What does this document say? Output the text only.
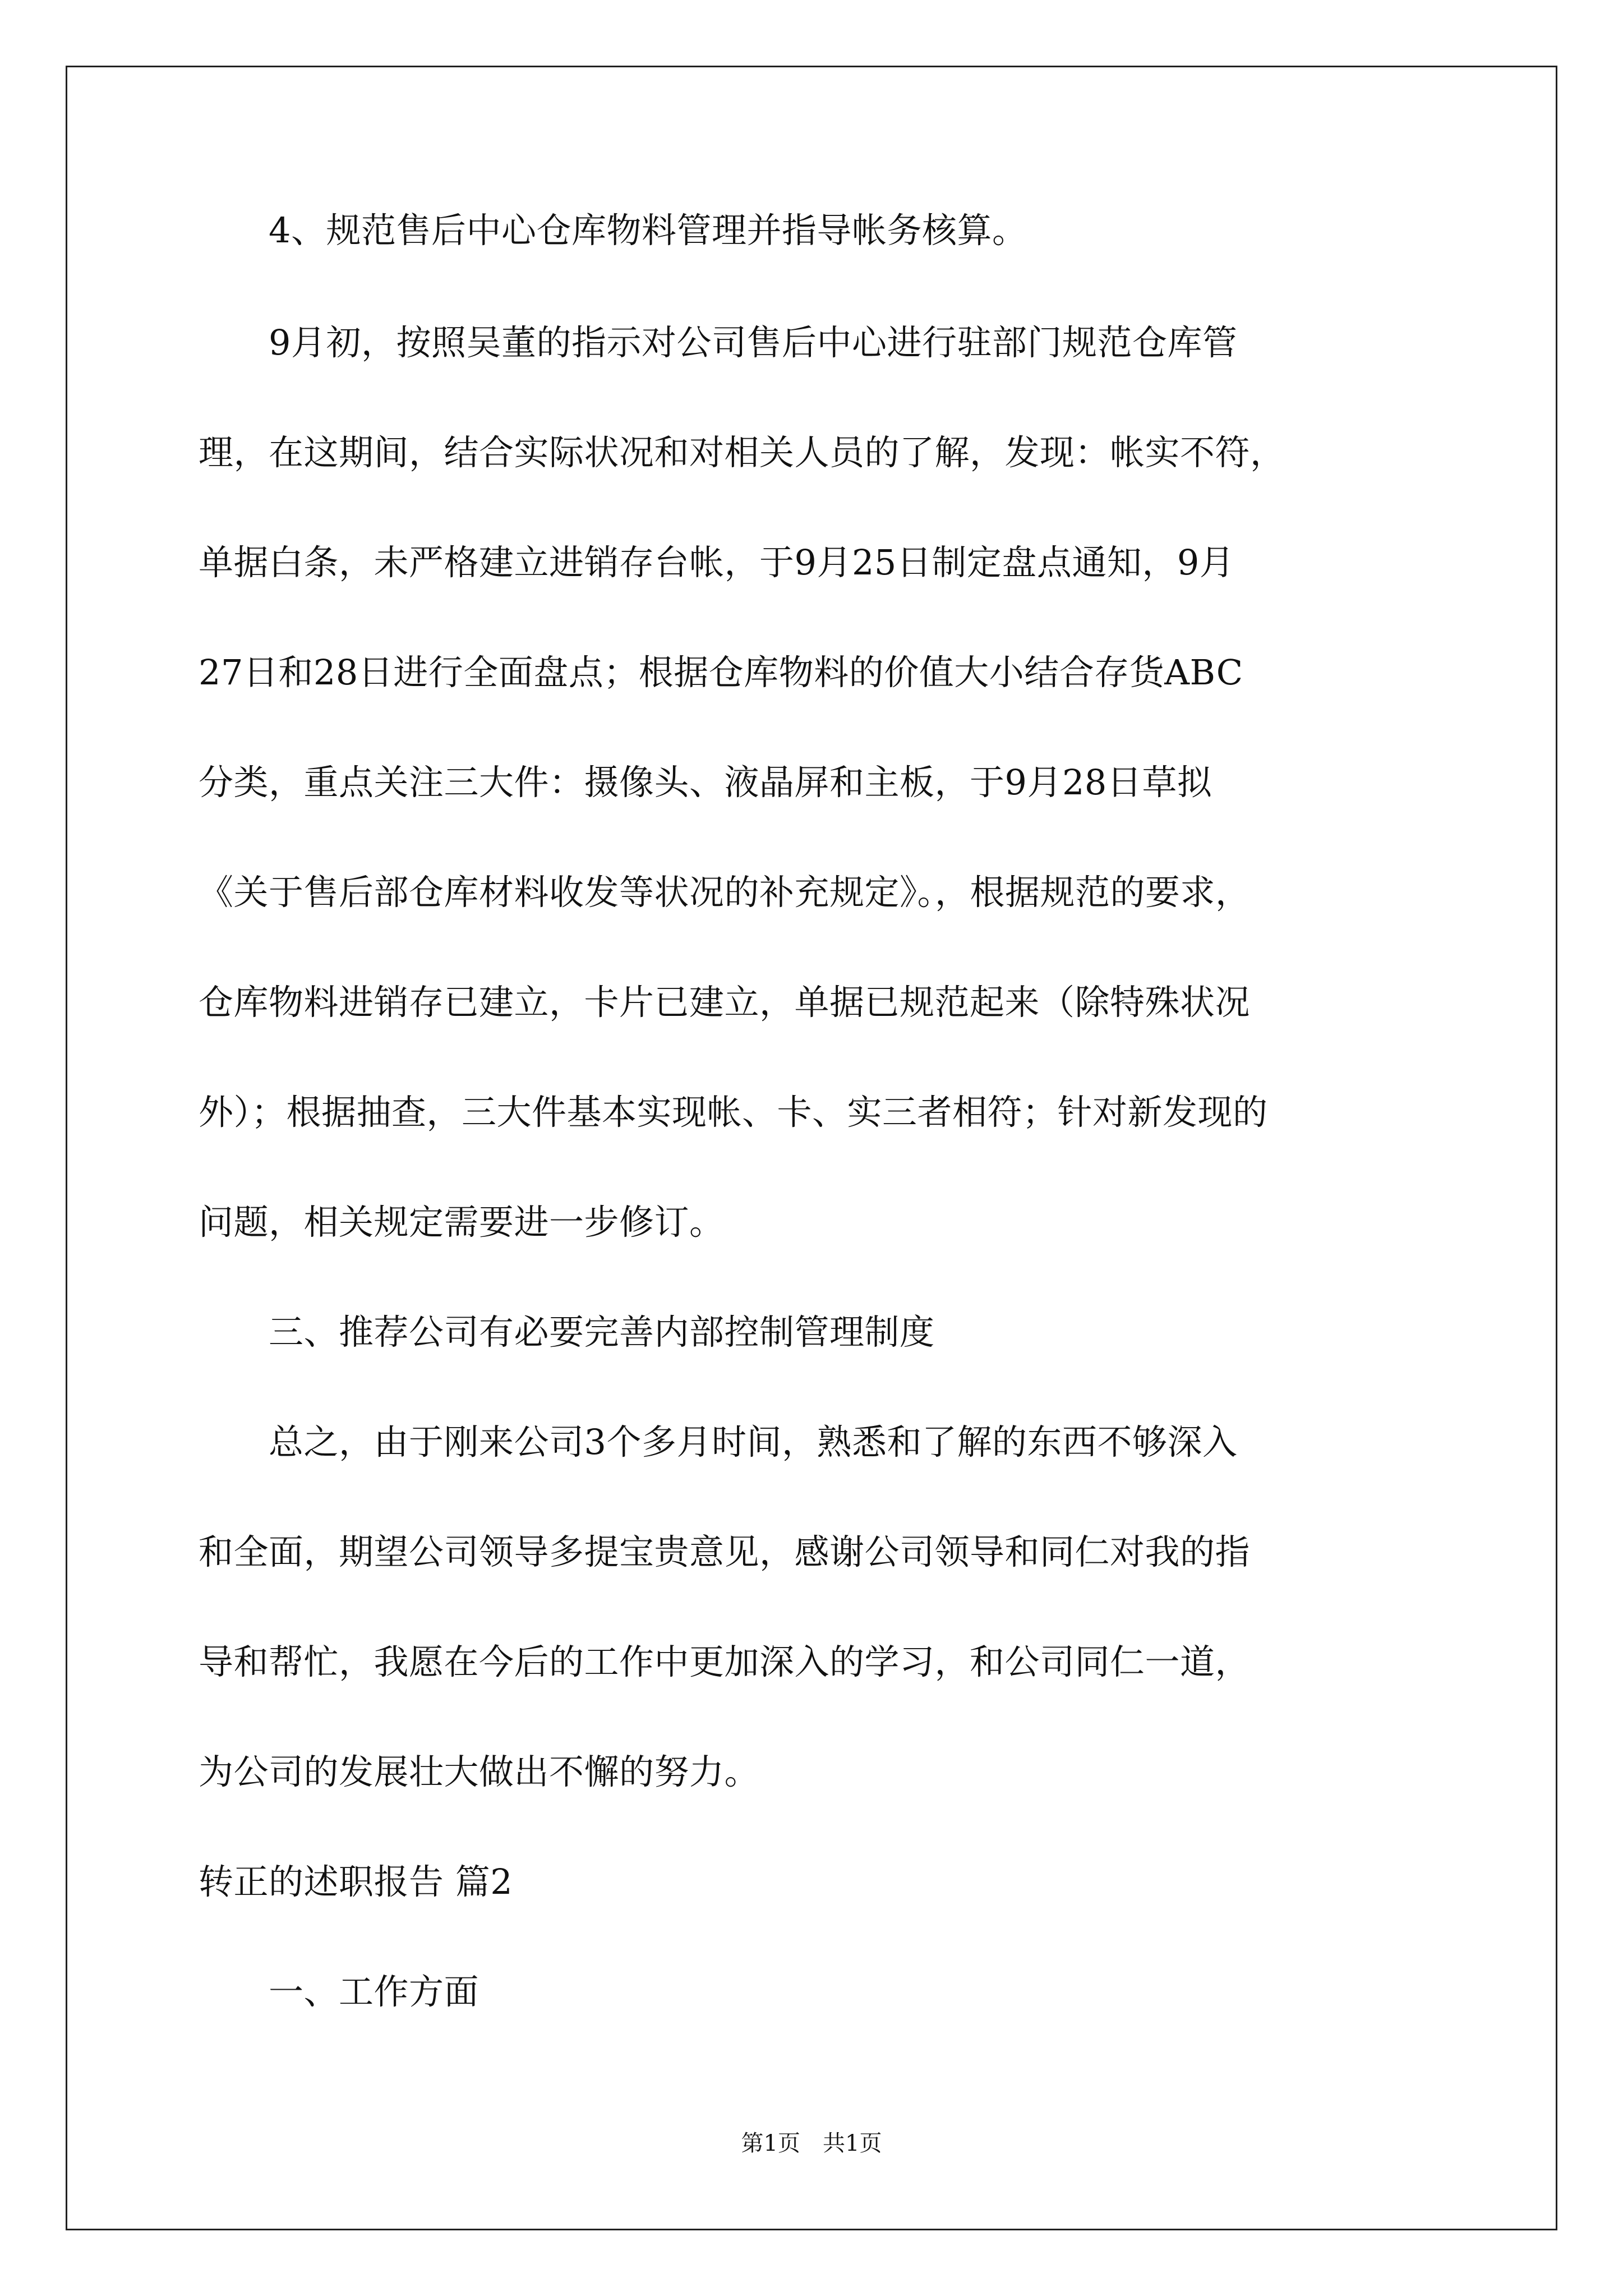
　　4、规范售后中心仓库物料管理并指导帐务核算。

　　9月初，按照吴董的指示对公司售后中心进行驻部门规范仓库管

理，在这期间，结合实际状况和对相关人员的了解，发现：帐实不符，

单据白条，未严格建立进销存台帐，于9月25日制定盘点通知，9月

27日和28日进行全面盘点；根据仓库物料的价值大小结合存货ABC

分类，重点关注三大件：摄像头、液晶屏和主板，于9月28日草拟

《关于售后部仓库材料收发等状况的补充规定》。，根据规范的要求，

仓库物料进销存已建立，卡片已建立，单据已规范起来（除特殊状况

外）；根据抽查，三大件基本实现帐、卡、实三者相符；针对新发现的

问题，相关规定需要进一步修订。

　　三、推荐公司有必要完善内部控制管理制度

　　总之，由于刚来公司3个多月时间，熟悉和了解的东西不够深入

和全面，期望公司领导多提宝贵意见，感谢公司领导和同仁对我的指

导和帮忙，我愿在今后的工作中更加深入的学习，和公司同仁一道，

为公司的发展壮大做出不懈的努力。

转正的述职报告 篇2

　　一、工作方面

第1页　共1页
